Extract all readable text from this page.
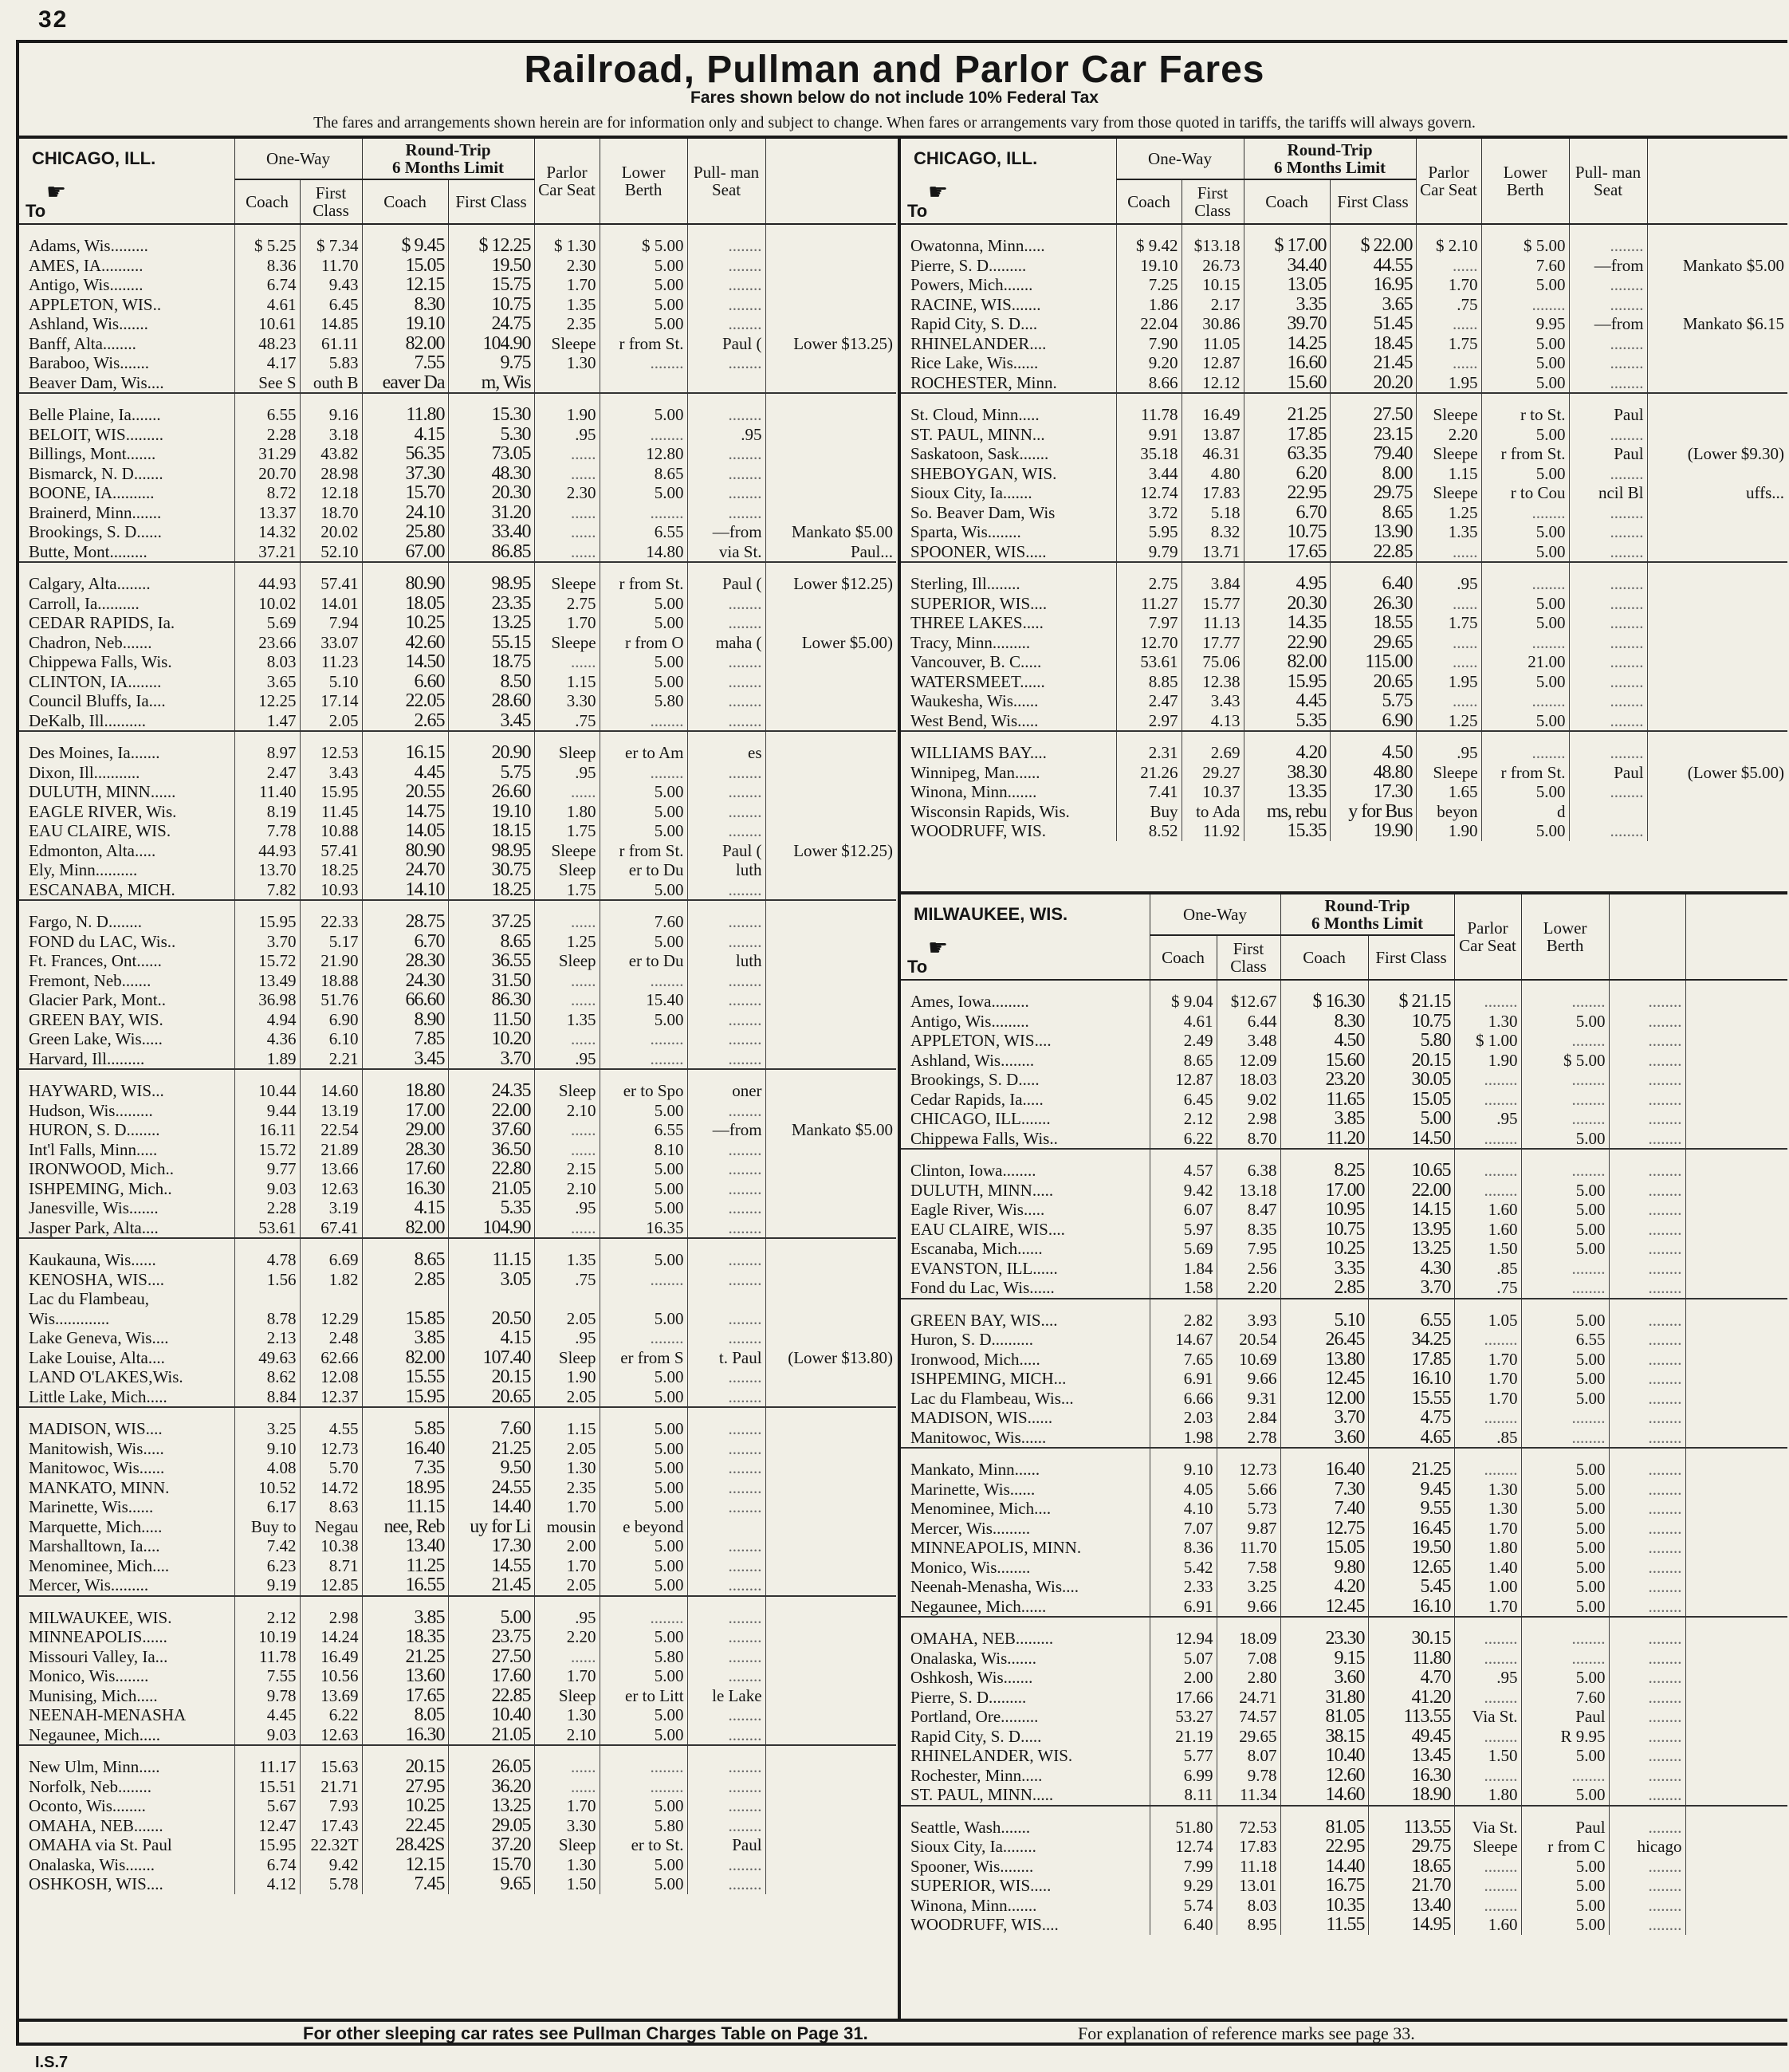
32
Railroad, Pullman and Parlor Car Fares
Fares shown below do not include 10% Federal Tax
The fares and arrangements shown herein are for information only and subject to change. When fares or arrangements vary from those quoted in tariffs, the tariffs will always govern.
CHICAGO, ILL.
☛
To	One-Way		Round-Trip
6 Months Limit		Parlor Car Seat	Lower Berth	Pull- man Seat	
	Coach	First Class	Coach	First Class				
Adams, Wis.........	$ 5.25	$ 7.34	$ 9.45	$ 12.25	$ 1.30	$ 5.00	........	
AMES, IA..........	8.36	11.70	15.05	19.50	2.30	5.00	........	
Antigo, Wis........	6.74	9.43	12.15	15.75	1.70	5.00	........	
APPLETON, WIS..	4.61	6.45	8.30	10.75	1.35	5.00	........	
Ashland, Wis.......	10.61	14.85	19.10	24.75	2.35	5.00	........	
Banff, Alta........	48.23	61.11	82.00	104.90	Sleepe	r from St.	Paul (	Lower $13.25)
Baraboo, Wis.......	4.17	5.83	7.55	9.75	1.30	........	........	
Beaver Dam, Wis....	See S	outh B	eaver Da	m, Wis				
Belle Plaine, Ia.......	6.55	9.16	11.80	15.30	1.90	5.00	........	
BELOIT, WIS.........	2.28	3.18	4.15	5.30	.95	........	.95	
Billings, Mont.......	31.29	43.82	56.35	73.05	......	12.80	........	
Bismarck, N. D.......	20.70	28.98	37.30	48.30	......	8.65	........	
BOONE, IA..........	8.72	12.18	15.70	20.30	2.30	5.00	........	
Brainerd, Minn.......	13.37	18.70	24.10	31.20	......	........	........	
Brookings, S. D......	14.32	20.02	25.80	33.40	......	6.55	—from	Mankato $5.00
Butte, Mont.........	37.21	52.10	67.00	86.85	......	14.80	via St.	Paul...
Calgary, Alta........	44.93	57.41	80.90	98.95	Sleepe	r from St.	Paul (	Lower $12.25)
Carroll, Ia..........	10.02	14.01	18.05	23.35	2.75	5.00	........	
CEDAR RAPIDS, Ia.	5.69	7.94	10.25	13.25	1.70	5.00	........	
Chadron, Neb.......	23.66	33.07	42.60	55.15	Sleepe	r from O	maha (	Lower $5.00)
Chippewa Falls, Wis.	8.03	11.23	14.50	18.75	......	5.00	........	
CLINTON, IA........	3.65	5.10	6.60	8.50	1.15	5.00	........	
Council Bluffs, Ia....	12.25	17.14	22.05	28.60	3.30	5.80	........	
DeKalb, Ill..........	1.47	2.05	2.65	3.45	.75	........	........	
Des Moines, Ia.......	8.97	12.53	16.15	20.90	Sleep	er to Am	es	
Dixon, Ill...........	2.47	3.43	4.45	5.75	.95	........	........	
DULUTH, MINN......	11.40	15.95	20.55	26.60	......	5.00	........	
EAGLE RIVER, Wis.	8.19	11.45	14.75	19.10	1.80	5.00	........	
EAU CLAIRE, WIS.	7.78	10.88	14.05	18.15	1.75	5.00	........	
Edmonton, Alta.....	44.93	57.41	80.90	98.95	Sleepe	r from St.	Paul (	Lower $12.25)
Ely, Minn..........	13.70	18.25	24.70	30.75	Sleep	er to Du	luth	
ESCANABA, MICH.	7.82	10.93	14.10	18.25	1.75	5.00	........	
Fargo, N. D........	15.95	22.33	28.75	37.25	......	7.60	........	
FOND du LAC, Wis..	3.70	5.17	6.70	8.65	1.25	5.00	........	
Ft. Frances, Ont......	15.72	21.90	28.30	36.55	Sleep	er to Du	luth	
Fremont, Neb.......	13.49	18.88	24.30	31.50	......	........	........	
Glacier Park, Mont..	36.98	51.76	66.60	86.30	......	15.40	........	
GREEN BAY, WIS.	4.94	6.90	8.90	11.50	1.35	5.00	........	
Green Lake, Wis.....	4.36	6.10	7.85	10.20	......	........	........	
Harvard, Ill.........	1.89	2.21	3.45	3.70	.95	........	........	
HAYWARD, WIS...	10.44	14.60	18.80	24.35	Sleep	er to Spo	oner	
Hudson, Wis.........	9.44	13.19	17.00	22.00	2.10	5.00	........	
HURON, S. D........	16.11	22.54	29.00	37.60	......	6.55	—from	Mankato $5.00
Int'l Falls, Minn.....	15.72	21.89	28.30	36.50	......	8.10	........	
IRONWOOD, Mich..	9.77	13.66	17.60	22.80	2.15	5.00	........	
ISHPEMING, Mich..	9.03	12.63	16.30	21.05	2.10	5.00	........	
Janesville, Wis.......	2.28	3.19	4.15	5.35	.95	5.00	........	
Jasper Park, Alta....	53.61	67.41	82.00	104.90	......	16.35	........	
Kaukauna, Wis......	4.78	6.69	8.65	11.15	1.35	5.00	........	
KENOSHA, WIS....	1.56	1.82	2.85	3.05	.75	........	........	
Lac du Flambeau,								
Wis.............	8.78	12.29	15.85	20.50	2.05	5.00	........	
Lake Geneva, Wis....	2.13	2.48	3.85	4.15	.95	........	........	
Lake Louise, Alta....	49.63	62.66	82.00	107.40	Sleep	er from S	t. Paul	(Lower $13.80)
LAND O'LAKES,Wis.	8.62	12.08	15.55	20.15	1.90	5.00	........	
Little Lake, Mich.....	8.84	12.37	15.95	20.65	2.05	5.00	........	
MADISON, WIS....	3.25	4.55	5.85	7.60	1.15	5.00	........	
Manitowish, Wis.....	9.10	12.73	16.40	21.25	2.05	5.00	........	
Manitowoc, Wis......	4.08	5.70	7.35	9.50	1.30	5.00	........	
MANKATO, MINN.	10.52	14.72	18.95	24.55	2.35	5.00	........	
Marinette, Wis......	6.17	8.63	11.15	14.40	1.70	5.00	........	
Marquette, Mich.....	Buy to	Negau	nee, Reb	uy for Li	mousin	e beyond		
Marshalltown, Ia....	7.42	10.38	13.40	17.30	2.00	5.00	........	
Menominee, Mich....	6.23	8.71	11.25	14.55	1.70	5.00	........	
Mercer, Wis.........	9.19	12.85	16.55	21.45	2.05	5.00	........	
MILWAUKEE, WIS.	2.12	2.98	3.85	5.00	.95	........	........	
MINNEAPOLIS......	10.19	14.24	18.35	23.75	2.20	5.00	........	
Missouri Valley, Ia...	11.78	16.49	21.25	27.50	......	5.80	........	
Monico, Wis........	7.55	10.56	13.60	17.60	1.70	5.00	........	
Munising, Mich.....	9.78	13.69	17.65	22.85	Sleep	er to Litt	le Lake	
NEENAH-MENASHA	4.45	6.22	8.05	10.40	1.30	5.00	........	
Negaunee, Mich.....	9.03	12.63	16.30	21.05	2.10	5.00	........	
New Ulm, Minn.....	11.17	15.63	20.15	26.05	......	........	........	
Norfolk, Neb........	15.51	21.71	27.95	36.20	......	........	........	
Oconto, Wis........	5.67	7.93	10.25	13.25	1.70	5.00	........	
OMAHA, NEB.......	12.47	17.43	22.45	29.05	3.30	5.80	........	
OMAHA via St. Paul	15.95	22.32T	28.42S	37.20	Sleep	er to St.	Paul	
Onalaska, Wis.......	6.74	9.42	12.15	15.70	1.30	5.00	........	
OSHKOSH, WIS....	4.12	5.78	7.45	9.65	1.50	5.00	........	
CHICAGO, ILL.
☛
To	One-Way		Round-Trip
6 Months Limit		Parlor Car Seat	Lower Berth	Pull- man Seat	
	Coach	First Class	Coach	First Class				
Owatonna, Minn.....	$ 9.42	$13.18	$ 17.00	$ 22.00	$ 2.10	$ 5.00	........	
Pierre, S. D.........	19.10	26.73	34.40	44.55	......	7.60	—from	Mankato $5.00
Powers, Mich.......	7.25	10.15	13.05	16.95	1.70	5.00	........	
RACINE, WIS.......	1.86	2.17	3.35	3.65	.75	........	........	
Rapid City, S. D....	22.04	30.86	39.70	51.45	......	9.95	—from	Mankato $6.15
RHINELANDER....	7.90	11.05	14.25	18.45	1.75	5.00	........	
Rice Lake, Wis......	9.20	12.87	16.60	21.45	......	5.00	........	
ROCHESTER, Minn.	8.66	12.12	15.60	20.20	1.95	5.00	........	
St. Cloud, Minn.....	11.78	16.49	21.25	27.50	Sleepe	r to St.	Paul	
ST. PAUL, MINN...	9.91	13.87	17.85	23.15	2.20	5.00	........	
Saskatoon, Sask.......	35.18	46.31	63.35	79.40	Sleepe	r from St.	Paul	(Lower $9.30)
SHEBOYGAN, WIS.	3.44	4.80	6.20	8.00	1.15	5.00	........	
Sioux City, Ia.......	12.74	17.83	22.95	29.75	Sleepe	r to Cou	ncil Bl	uffs...
So. Beaver Dam, Wis	3.72	5.18	6.70	8.65	1.25	........	........	
Sparta, Wis........	5.95	8.32	10.75	13.90	1.35	5.00	........	
SPOONER, WIS.....	9.79	13.71	17.65	22.85	......	5.00	........	
Sterling, Ill........	2.75	3.84	4.95	6.40	.95	........	........	
SUPERIOR, WIS....	11.27	15.77	20.30	26.30	......	5.00	........	
THREE LAKES.....	7.97	11.13	14.35	18.55	1.75	5.00	........	
Tracy, Minn.........	12.70	17.77	22.90	29.65	......	........	........	
Vancouver, B. C.....	53.61	75.06	82.00	115.00	......	21.00	........	
WATERSMEET......	8.85	12.38	15.95	20.65	1.95	5.00	........	
Waukesha, Wis......	2.47	3.43	4.45	5.75	......	........	........	
West Bend, Wis.....	2.97	4.13	5.35	6.90	1.25	5.00	........	
WILLIAMS BAY....	2.31	2.69	4.20	4.50	.95	........	........	
Winnipeg, Man......	21.26	29.27	38.30	48.80	Sleepe	r from St.	Paul	(Lower $5.00)
Winona, Minn.......	7.41	10.37	13.35	17.30	1.65	5.00	........	
Wisconsin Rapids, Wis.	Buy	to Ada	ms, rebu	y for Bus	beyon	d		
WOODRUFF, WIS.	8.52	11.92	15.35	19.90	1.90	5.00	........	
MILWAUKEE, WIS.
☛
To	One-Way		Round-Trip
6 Months Limit		Parlor Car Seat	Lower Berth		
	Coach	First Class	Coach	First Class				
Ames, Iowa.........	$ 9.04	$12.67	$ 16.30	$ 21.15	........	........	........	
Antigo, Wis.........	4.61	6.44	8.30	10.75	1.30	5.00	........	
APPLETON, WIS....	2.49	3.48	4.50	5.80	$ 1.00	........	........	
Ashland, Wis........	8.65	12.09	15.60	20.15	1.90	$ 5.00	........	
Brookings, S. D.....	12.87	18.03	23.20	30.05	........	........	........	
Cedar Rapids, Ia.....	6.45	9.02	11.65	15.05	........	........	........	
CHICAGO, ILL.......	2.12	2.98	3.85	5.00	.95	........	........	
Chippewa Falls, Wis..	6.22	8.70	11.20	14.50	........	5.00	........	
Clinton, Iowa........	4.57	6.38	8.25	10.65	........	........	........	
DULUTH, MINN.....	9.42	13.18	17.00	22.00	........	5.00	........	
Eagle River, Wis.....	6.07	8.47	10.95	14.15	1.60	5.00	........	
EAU CLAIRE, WIS....	5.97	8.35	10.75	13.95	1.60	5.00	........	
Escanaba, Mich......	5.69	7.95	10.25	13.25	1.50	5.00	........	
EVANSTON, ILL......	1.84	2.56	3.35	4.30	.85	........	........	
Fond du Lac, Wis......	1.58	2.20	2.85	3.70	.75	........	........	
GREEN BAY, WIS....	2.82	3.93	5.10	6.55	1.05	5.00	........	
Huron, S. D..........	14.67	20.54	26.45	34.25	........	6.55	........	
Ironwood, Mich.....	7.65	10.69	13.80	17.85	1.70	5.00	........	
ISHPEMING, MICH...	6.91	9.66	12.45	16.10	1.70	5.00	........	
Lac du Flambeau, Wis...	6.66	9.31	12.00	15.55	1.70	5.00	........	
MADISON, WIS......	2.03	2.84	3.70	4.75	........	........	........	
Manitowoc, Wis......	1.98	2.78	3.60	4.65	.85	........	........	
Mankato, Minn......	9.10	12.73	16.40	21.25	........	5.00	........	
Marinette, Wis......	4.05	5.66	7.30	9.45	1.30	5.00	........	
Menominee, Mich....	4.10	5.73	7.40	9.55	1.30	5.00	........	
Mercer, Wis.........	7.07	9.87	12.75	16.45	1.70	5.00	........	
MINNEAPOLIS, MINN.	8.36	11.70	15.05	19.50	1.80	5.00	........	
Monico, Wis........	5.42	7.58	9.80	12.65	1.40	5.00	........	
Neenah-Menasha, Wis....	2.33	3.25	4.20	5.45	1.00	5.00	........	
Negaunee, Mich......	6.91	9.66	12.45	16.10	1.70	5.00	........	
OMAHA, NEB.........	12.94	18.09	23.30	30.15	........	........	........	
Onalaska, Wis.......	5.07	7.08	9.15	11.80	........	........	........	
Oshkosh, Wis.......	2.00	2.80	3.60	4.70	.95	5.00	........	
Pierre, S. D.........	17.66	24.71	31.80	41.20	........	7.60	........	
Portland, Ore.........	53.27	74.57	81.05	113.55	Via St.	Paul	........	
Rapid City, S. D.....	21.19	29.65	38.15	49.45	........	R 9.95	........	
RHINELANDER, WIS.	5.77	8.07	10.40	13.45	1.50	5.00	........	
Rochester, Minn.....	6.99	9.78	12.60	16.30	........	........	........	
ST. PAUL, MINN.....	8.11	11.34	14.60	18.90	1.80	5.00	........	
Seattle, Wash.......	51.80	72.53	81.05	113.55	Via St.	Paul	........	
Sioux City, Ia........	12.74	17.83	22.95	29.75	Sleepe	r from C	hicago	
Spooner, Wis........	7.99	11.18	14.40	18.65	........	5.00	........	
SUPERIOR, WIS.....	9.29	13.01	16.75	21.70	........	5.00	........	
Winona, Minn.......	5.74	8.03	10.35	13.40	........	5.00	........	
WOODRUFF, WIS....	6.40	8.95	11.55	14.95	1.60	5.00	........	
For other sleeping car rates see Pullman Charges Table on Page 31.	For explanation of reference marks see page 33.
I.S.7
